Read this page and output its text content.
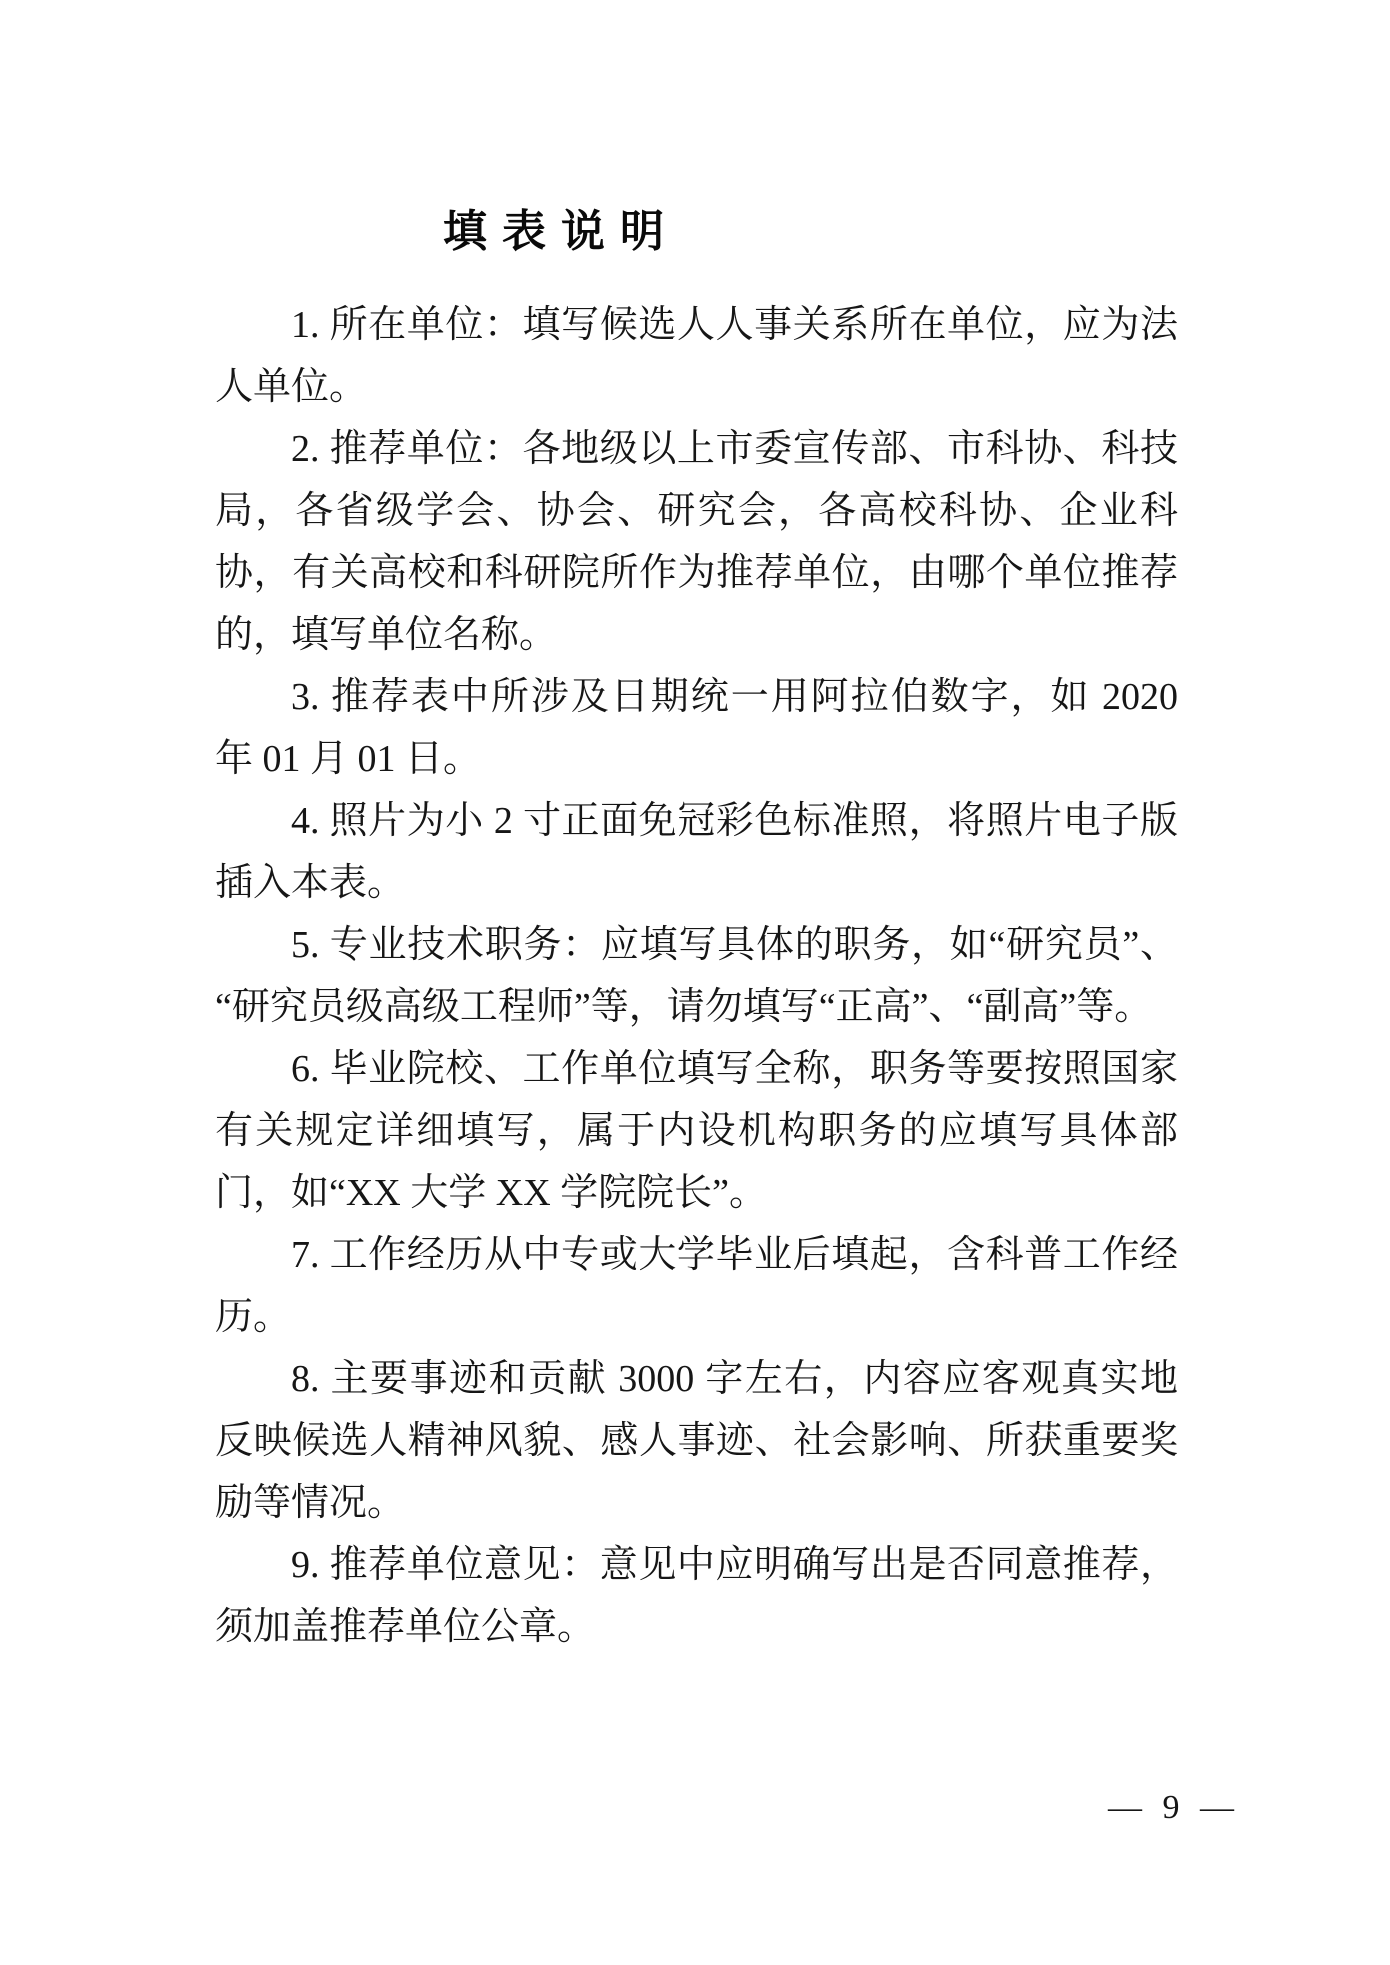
填 表 说 明

1. 所在单位：填写候选人人事关系所在单位，应为法人单位。

2. 推荐单位：各地级以上市委宣传部、市科协、科技局，各省级学会、协会、研究会，各高校科协、企业科协，有关高校和科研院所作为推荐单位，由哪个单位推荐的，填写单位名称。

3. 推荐表中所涉及日期统一用阿拉伯数字，如 2020 年 01 月 01 日。

4. 照片为小 2 寸正面免冠彩色标准照，将照片电子版插入本表。

5. 专业技术职务：应填写具体的职务，如“研究员”、“研究员级高级工程师”等，请勿填写“正高”、“副高”等。

6. 毕业院校、工作单位填写全称，职务等要按照国家有关规定详细填写，属于内设机构职务的应填写具体部门，如“XX 大学 XX 学院院长”。

7. 工作经历从中专或大学毕业后填起，含科普工作经历。

8. 主要事迹和贡献 3000 字左右，内容应客观真实地反映候选人精神风貌、感人事迹、社会影响、所获重要奖励等情况。

9. 推荐单位意见：意见中应明确写出是否同意推荐，须加盖推荐单位公章。

— 9 —
